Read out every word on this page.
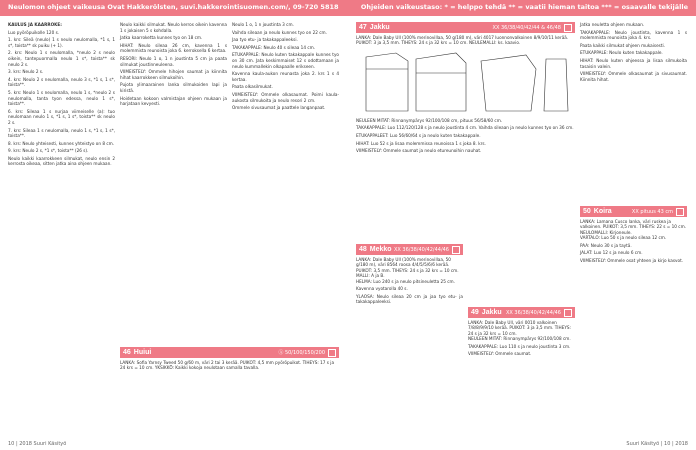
Neulomon ohjeet vaikeusa Ovat Hakkerölsten, suvi.hakkerointisuomen.com/, 09-720 5818

KAULUS JA KAARROKE:

Luo pyöröpuikolle 120 s.

1. krs: Sileä (neulo) 1 s neulo neulomalla, *1 s, 1 s*, toista** sk puiku (+ 1).

2. krs: Neulo 1 s neulomalla, *neulo 2 s neulo oikein, tantepuormalla neulo 1 s*, toista** sk neulo 2 s.

3. krs: Neulo 2 s.

4. krs: Neulo 2 s neulomalla, neulo 3 s, *1 s, 1 s*, toista**.

5. krs: Neulo 1 s neulomalla, neulo 1 s, *neulo 2 s neulomalla, tanta tyon edessa, neulo 1 s*, toista**.

6. krs: Sileaa 1 s nurjaa viimeiselle (a): tuo neulomaan neulo 1 s, *1 s, 1 s*, toista** sk neulo 2 s.

7. krs: Sileaa 1 s neulomalla, neulo 1 s, *1 s, 1 s*, toista**.

8. krs: Neulo yhteisesti, kunnes yhteistyo on 8 cm.

9. krs: Neulo 2 s, *1 s*, toista** (26 s).

Neulo kaikki kaarrokkeen silmukat, neulo ensin 2 kerrosta oikeaa, sitten jatka aina ohjeen mukaan.

Neulo kaikki silmukat. Neulo kerros oikein kavenna 1 s jokaisen 5 s kohdalla.

Jatka kaarroketta kunnes tyo on 18 cm.

HIHAT: Neulo sileaa 26 cm, kavenna 1 s molemmista reunoista joka 6. kerroksella 6 kertaa.

RESORI: Neulo 1 o, 1 n joustinta 5 cm ja paata silmukat joustinneuleena.

VIIMEISTELY: Ommele hihojen saumat ja kiinnita hihat kaarrokkeen silmukoihin.

Pujota ylimaarainen lanka silmukoiden lapi ja kiristä.

Hoidetaan kokoon valmistajan ohjeen mukaan ja harjataan kevyesti.

46 Huiui	Ⓐ 50/100/150/200
LANKA: Sofia Yarnsy Tweed 50 g/60 m, väri 2 tai 3 kerää. PUIKOT: 4,5 mm pyöröpuikot. TIHEYS: 17 s ja 24 krs = 10 cm. YKSIKKÖ: Kaikki kokoja neulotaan samalla tavalla.

Neulo 1 o, 1 n joustinta 3 cm.

Vaihda sileaan ja neulo kunnes tyo on 22 cm.

Jaa tyo etu- ja takakappaleeksi.

TAKAKAPPALE: Neulo 40 s sileaa 14 cm.

ETUKAPPALE: Neulo kuten takakappale kunnes tyo on 30 cm. Jata keskimmaiset 12 s odottamaan ja neulo kummallekin olkapaalle erikseen.

Kavenna kaula-aukon reunasta joka 2. krs 1 s 4 kertaa.

Paata olkasilmukat.

VIIMEISTELY: Ommele olkasaumat. Poimi kaula-aukosta silmukoita ja neulo resori 2 cm.

Ommele sivusaumat ja paattele langanpaat.

10 | 2018 Suuri Käsityö
Ohjeiden vaikeustaso: * = helppo tehdä ** = vaatii hieman taitoa *** = osaavalle tekijälle
47 Jakku	XX 36/38/40/42/44 & 46/48
LANKA: Dale Baby Ull (100% merinovillaa, 50 g/180 m), väri 4017 luonnonvalkoinen 8/9/10/11 kerää. PUIKOT: 3 ja 3,5 mm. TIHEYS: 24 s ja 32 krs = 10 cm. NEULEMALLI: ks. kaavio.

NEULEEN MITAT: Rinnanympärys 92/100/108 cm, pituus 56/58/60 cm.

TAKAKAPPALE: Luo 112/120/128 s ja neulo joustinta 4 cm. Vaihda sileaan ja neulo kunnes tyo on 36 cm.

ETUKAPPALEET: Luo 56/60/64 s ja neulo kuten takakappale.

HIHAT: Luo 52 s ja lisaa molemmissa reunoissa 1 s joka 8. krs.

VIIMEISTELY: Ommele saumat ja neulo etureunoihin nauhat.

48 Mekko XX 36/38/40/42/44/46
LANKA: Dale Baby Ull (100% merinovillaa, 50 g/180 m), väri 8564 roosa 4/4/5/5/6/6 kerää. PUIKOT: 3,5 mm. TIHEYS: 24 s ja 32 krs = 10 cm. MALLI: A ja B.

HELMA: Luo 240 s ja neulo pitsineuletta 25 cm.

Kavenna vyotarolla 40 s.

YLAOSA: Neulo sileaa 20 cm ja jaa tyo etu- ja takakappaleeksi.

49 Jakku XX 36/38/40/42/44/46
LANKA: Dale Baby Ull, väri 0010 valkoinen 7/8/8/9/9/10 kerää. PUIKOT: 3 ja 3,5 mm. TIHEYS: 24 s ja 32 krs = 10 cm.

NEULEEN MITAT: Rinnanympärys 92/100/108 cm.

TAKAKAPPALE: Luo 110 s ja neulo joustinta 3 cm.

VIIMEISTELY: Ommele saumat.

Jatka neuletta ohjeen mukaan.

TAKAKAPPALE: Neulo joustinta, kavenna 1 s molemmista reunoista joka 4. krs.

Paata kaikki silmukat ohjeen mukaisesti.

ETUKAPPALE: Neulo kuten takakappale.

HIHAT: Neulo kuten ohjeessa ja lisaa silmukoita tasaisin valein.

VIIMEISTELY: Ommele olkasaumat ja sivusaumat. Kiinnita hihat.

50 Koira	XX pituus 43 cm
LANKA: Lamana Cusco lanka, väri ruskea ja valkoinen. PUIKOT: 3,5 mm. TIHEYS: 22 s = 10 cm. NEULOMALLI: Kirjoneule.

VARTALO: Luo 50 s ja neulo sileaa 12 cm.

PAA: Neulo 30 s ja taytä.

JALAT: Luo 12 s ja neulo 6 cm.

VIIMEISTELY: Ommele osat yhteen ja kirjo kasvot.

Suuri Käsityö | 10 | 2018
